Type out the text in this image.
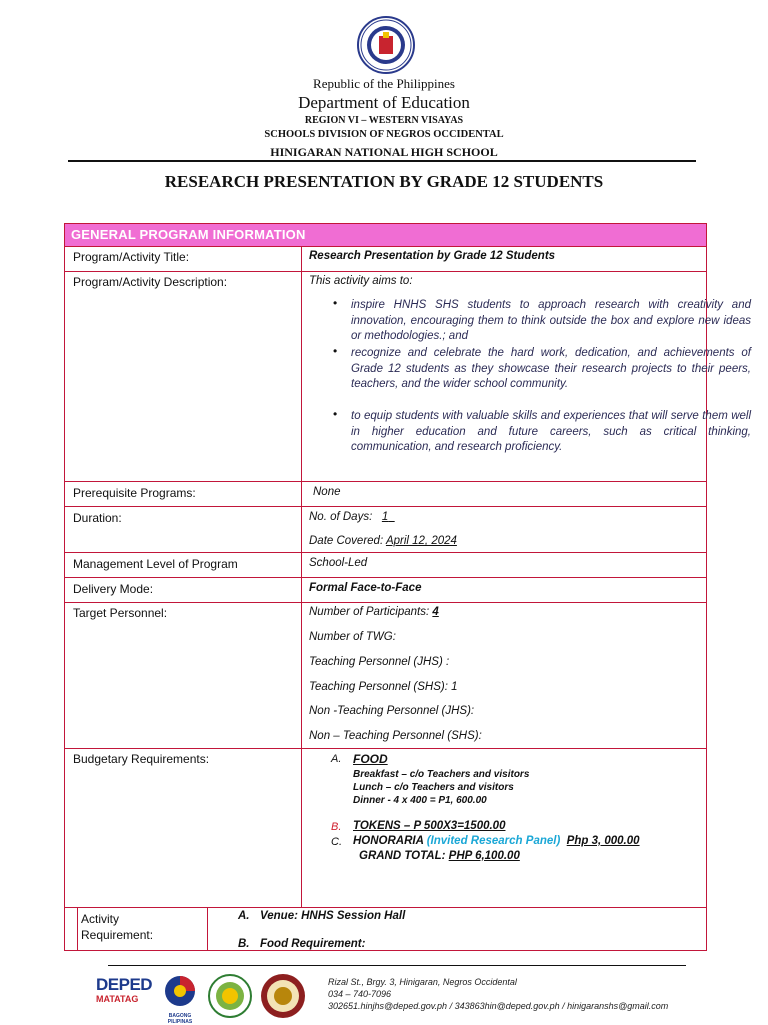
Republic of the Philippines
Department of Education
REGION VI – WESTERN VISAYAS
SCHOOLS DIVISION OF NEGROS OCCIDENTAL
HINIGARAN NATIONAL HIGH SCHOOL
RESEARCH PRESENTATION BY GRADE 12 STUDENTS
GENERAL PROGRAM INFORMATION
Program/Activity Title:	Research Presentation by Grade 12 Students
Program/Activity Description:	This activity aims to:
• inspire HNHS SHS students to approach research with creativity and innovation, encouraging them to think outside the box and explore new ideas or methodologies.; and
• recognize and celebrate the hard work, dedication, and achievements of Grade 12 students as they showcase their research projects to their peers, teachers, and the wider school community.
• to equip students with valuable skills and experiences that will serve them well in higher education and future careers, such as critical thinking, communication, and research proficiency.
Prerequisite Programs:	None
Duration:	No. of Days: 1
Date Covered: April 12, 2024
Management Level of Program	School-Led
Delivery Mode:	Formal Face-to-Face
Target Personnel:	Number of Participants: 4
Number of TWG:
Teaching Personnel (JHS) :
Teaching Personnel (SHS): 1
Non -Teaching Personnel (JHS):
Non – Teaching Personnel (SHS):
Budgetary Requirements:	A. FOOD
Breakfast – c/o Teachers and visitors
Lunch – c/o Teachers and visitors
Dinner - 4 x 400 = P1, 600.00
B. TOKENS – P 500X3=1500.00
C. HONORARIA (Invited Research Panel) Php 3, 000.00
GRAND TOTAL: PHP 6,100.00
Activity Requirement:
A. Venue: HNHS Session Hall
B. Food Requirement:
DEPED
MATATAG
BAGONG PILIPINAS
Rizal St., Brgy. 3, Hinigaran, Negros Occidental
034 – 740-7096
302651.hinjhs@deped.gov.ph / 343863hin@deped.gov.ph / hinigaranshs@gmail.com
